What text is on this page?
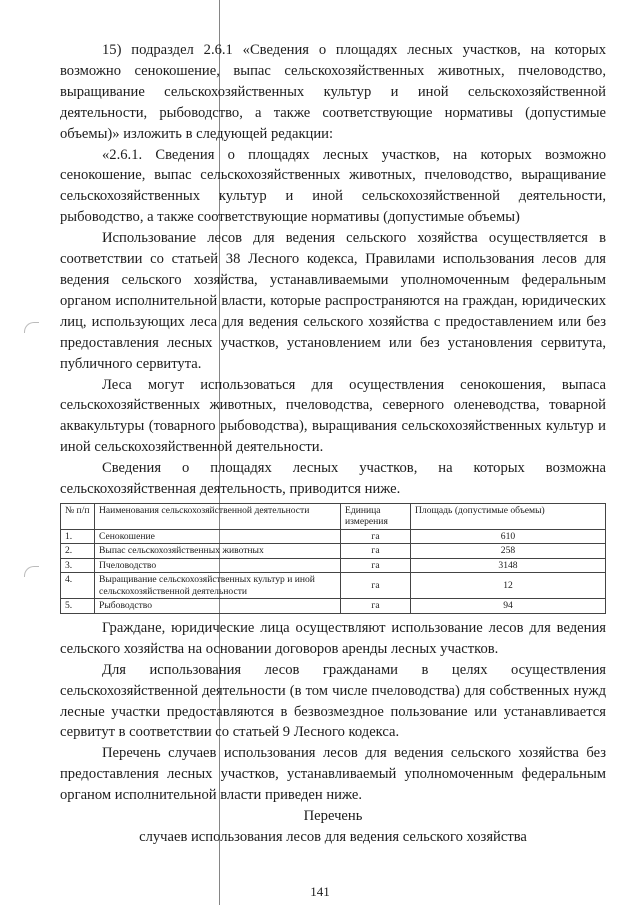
15) подраздел 2.6.1 «Сведения о площадях лесных участков, на которых возможно сенокошение, выпас сельскохозяйственных животных, пчеловодство, выращивание сельскохозяйственных культур и иной сельскохозяйственной деятельности, рыбоводство, а также соответствующие нормативы (допустимые объемы)» изложить в следующей редакции:

«2.6.1. Сведения о площадях лесных участков, на которых возможно сенокошение, выпас сельскохозяйственных животных, пчеловодство, выращивание сельскохозяйственных культур и иной сельскохозяйственной деятельности, рыбоводство, а также соответствующие нормативы (допустимые объемы)

Использование лесов для ведения сельского хозяйства осуществляется в соответствии со статьей 38 Лесного кодекса, Правилами использования лесов для ведения сельского хозяйства, устанавливаемыми уполномоченным федеральным органом исполнительной власти, которые распространяются на граждан, юридических лиц, использующих леса для ведения сельского хозяйства с предоставлением или без предоставления лесных участков, установлением или без установления сервитута, публичного сервитута.

Леса могут использоваться для осуществления сенокошения, выпаса сельскохозяйственных животных, пчеловодства, северного оленеводства, товарной аквакультуры (товарного рыбоводства), выращивания сельскохозяйственных культур и иной сельскохозяйственной деятельности.

Сведения о площадях лесных участков, на которых возможна сельскохозяйственная деятельность, приводится ниже.

№ п/п	Наименования сельскохозяйственной деятельности	Единица измерения	Площадь (допустимые объемы)
1.	Сенокошение	га	610
2.	Выпас сельскохозяйственных животных	га	258
3.	Пчеловодство	га	3148
4.	Выращивание сельскохозяйственных культур и иной сельскохозяйственной деятельности	га	12
5.	Рыбоводство	га	94

Граждане, юридические лица осуществляют использование лесов для ведения сельского хозяйства на основании договоров аренды лесных участков.

Для использования лесов гражданами в целях осуществления сельскохозяйственной деятельности (в том числе пчеловодства) для собственных нужд лесные участки предоставляются в безвозмездное пользование или устанавливается сервитут в соответствии со статьей 9 Лесного кодекса.

Перечень случаев использования лесов для ведения сельского хозяйства без предоставления лесных участков, устанавливаемый уполномоченным федеральным органом исполнительной власти приведен ниже.

Перечень

случаев использования лесов для ведения сельского хозяйства

141
